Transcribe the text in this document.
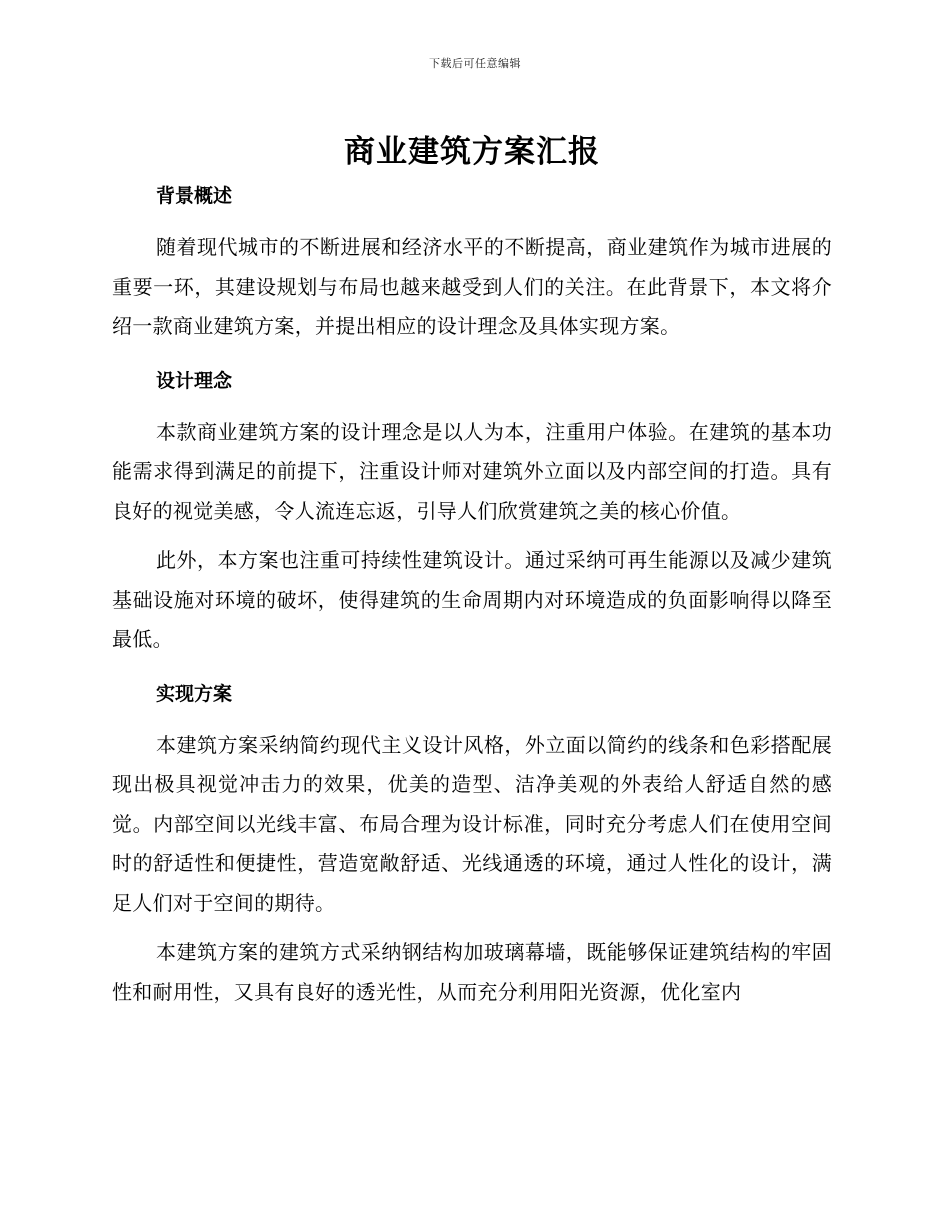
下载后可任意编辑
商业建筑方案汇报
背景概述

随着现代城市的不断进展和经济水平的不断提高，商业建筑作为城市进展的重要一环，其建设规划与布局也越来越受到人们的关注。在此背景下，本文将介绍一款商业建筑方案，并提出相应的设计理念及具体实现方案。

设计理念

本款商业建筑方案的设计理念是以人为本，注重用户体验。在建筑的基本功能需求得到满足的前提下，注重设计师对建筑外立面以及内部空间的打造。具有良好的视觉美感，令人流连忘返，引导人们欣赏建筑之美的核心价值。

此外，本方案也注重可持续性建筑设计。通过采纳可再生能源以及减少建筑基础设施对环境的破坏，使得建筑的生命周期内对环境造成的负面影响得以降至最低。

实现方案

本建筑方案采纳简约现代主义设计风格，外立面以简约的线条和色彩搭配展现出极具视觉冲击力的效果，优美的造型、洁净美观的外表给人舒适自然的感觉。内部空间以光线丰富、布局合理为设计标准，同时充分考虑人们在使用空间时的舒适性和便捷性，营造宽敞舒适、光线通透的环境，通过人性化的设计，满足人们对于空间的期待。

本建筑方案的建筑方式采纳钢结构加玻璃幕墙，既能够保证建筑结构的牢固性和耐用性，又具有良好的透光性，从而充分利用阳光资源，优化室内
